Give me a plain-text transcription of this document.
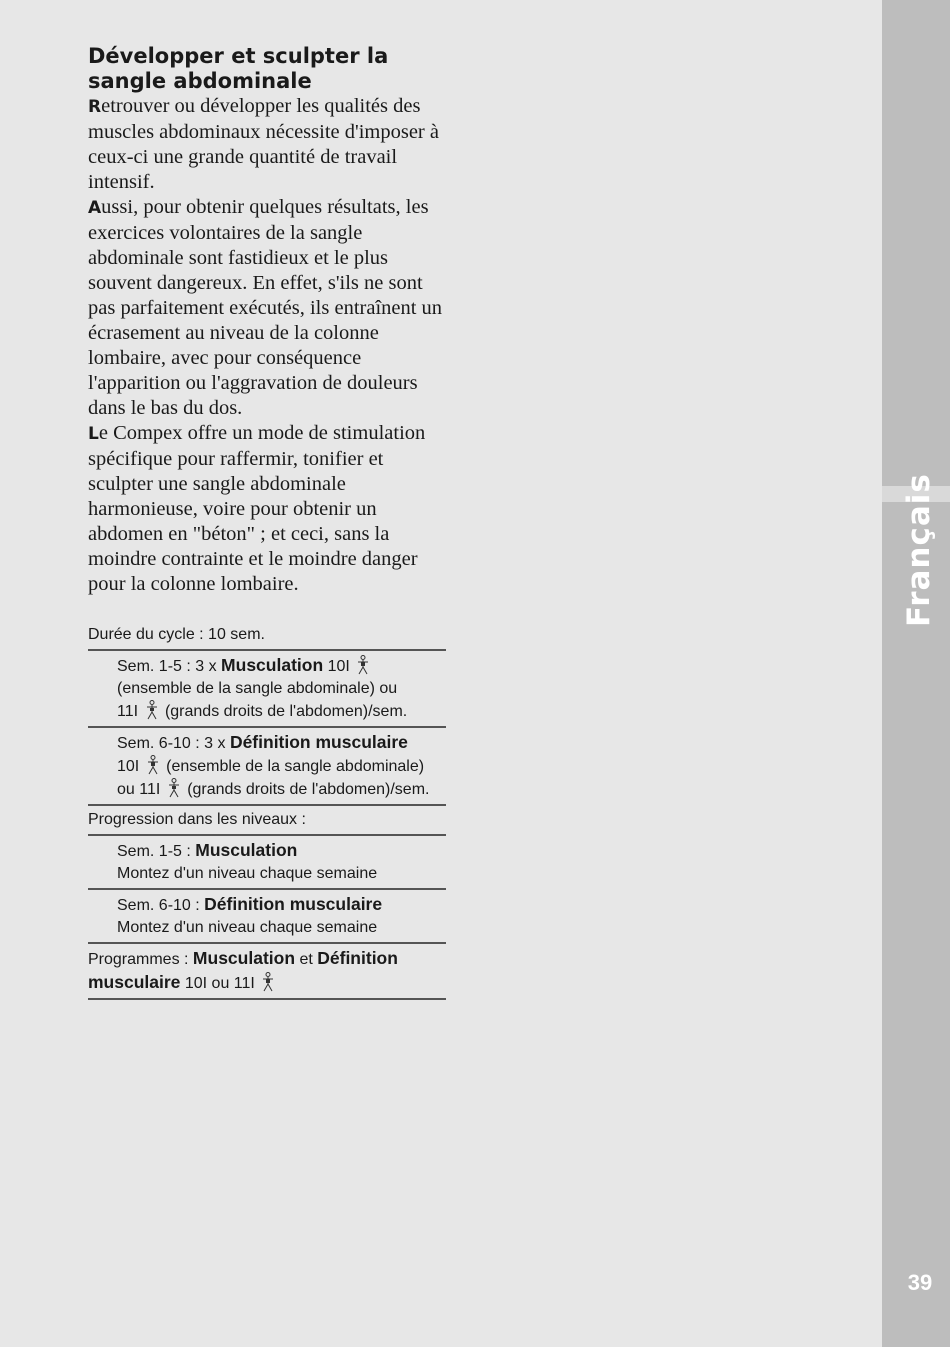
Français
39
Développer et sculpter la sangle abdominale

Retrouver ou développer les qualités des muscles abdominaux nécessite d'imposer à ceux-ci une grande quantité de travail intensif.

Aussi, pour obtenir quelques résultats, les exercices volontaires de la sangle abdominale sont fastidieux et le plus souvent dangereux. En effet, s'ils ne sont pas parfaitement exécutés, ils entraînent un écrasement au niveau de la colonne lombaire, avec pour conséquence l'apparition ou l'aggravation de douleurs dans le bas du dos.

Le Compex offre un mode de stimulation spécifique pour raffermir, tonifier et sculpter une sangle abdominale harmonieuse, voire pour obtenir un abdomen en "béton" ; et ceci, sans la moindre contrainte et le moindre danger pour la colonne lombaire.

Durée du cycle : 10 sem.
Sem. 1-5 : 3 x Musculation 10I
(ensemble de la sangle abdominale) ou
11I  (grands droits de l'abdomen)/sem.
Sem. 6-10 : 3 x Définition musculaire
10I  (ensemble de la sangle abdominale)
ou 11I  (grands droits de l'abdomen)/sem.
Progression dans les niveaux :
Sem. 1-5 : Musculation
Montez d'un niveau chaque semaine
Sem. 6-10 : Définition musculaire
Montez d'un niveau chaque semaine
Programmes : Musculation et Définition musculaire 10I ou 11I
